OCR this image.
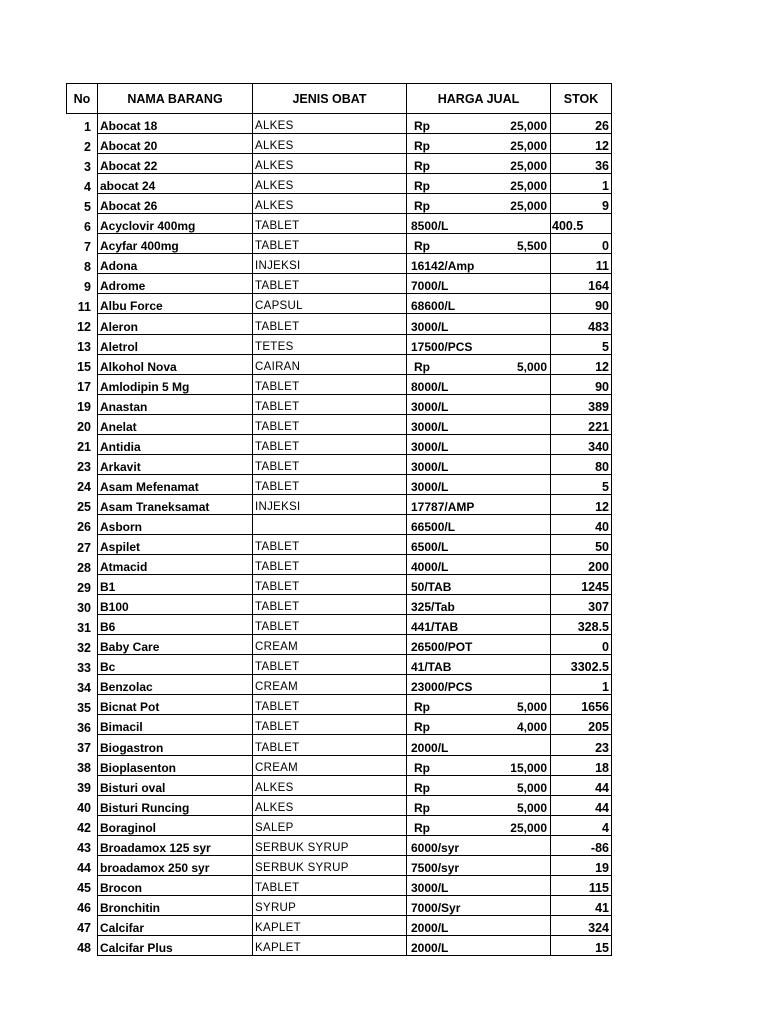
No	NAMA BARANG	JENIS OBAT	HARGA JUAL	STOK
1	Abocat 18	ALKES	Rp 25,000	26
2	Abocat 20	ALKES	Rp 25,000	12
3	Abocat 22	ALKES	Rp 25,000	36
4	abocat 24	ALKES	Rp 25,000	1
5	Abocat 26	ALKES	Rp 25,000	9
6	Acyclovir 400mg	TABLET	8500/L	400.5
7	Acyfar 400mg	TABLET	Rp 5,500	0
8	Adona	INJEKSI	16142/Amp	11
9	Adrome	TABLET	7000/L	164
11	Albu Force	CAPSUL	68600/L	90
12	Aleron	TABLET	3000/L	483
13	Aletrol	TETES	17500/PCS	5
15	Alkohol Nova	CAIRAN	Rp 5,000	12
17	Amlodipin 5 Mg	TABLET	8000/L	90
19	Anastan	TABLET	3000/L	389
20	Anelat	TABLET	3000/L	221
21	Antidia	TABLET	3000/L	340
23	Arkavit	TABLET	3000/L	80
24	Asam Mefenamat	TABLET	3000/L	5
25	Asam Traneksamat	INJEKSI	17787/AMP	12
26	Asborn		66500/L	40
27	Aspilet	TABLET	6500/L	50
28	Atmacid	TABLET	4000/L	200
29	B1	TABLET	50/TAB	1245
30	B100	TABLET	325/Tab	307
31	B6	TABLET	441/TAB	328.5
32	Baby Care	CREAM	26500/POT	0
33	Bc	TABLET	41/TAB	3302.5
34	Benzolac	CREAM	23000/PCS	1
35	Bicnat Pot	TABLET	Rp 5,000	1656
36	Bimacil	TABLET	Rp 4,000	205
37	Biogastron	TABLET	2000/L	23
38	Bioplasenton	CREAM	Rp 15,000	18
39	Bisturi oval	ALKES	Rp 5,000	44
40	Bisturi Runcing	ALKES	Rp 5,000	44
42	Boraginol	SALEP	Rp 25,000	4
43	Broadamox 125 syr	SERBUK SYRUP	6000/syr	-86
44	broadamox 250 syr	SERBUK SYRUP	7500/syr	19
45	Brocon	TABLET	3000/L	115
46	Bronchitin	SYRUP	7000/Syr	41
47	Calcifar	KAPLET	2000/L	324
48	Calcifar Plus	KAPLET	2000/L	15
